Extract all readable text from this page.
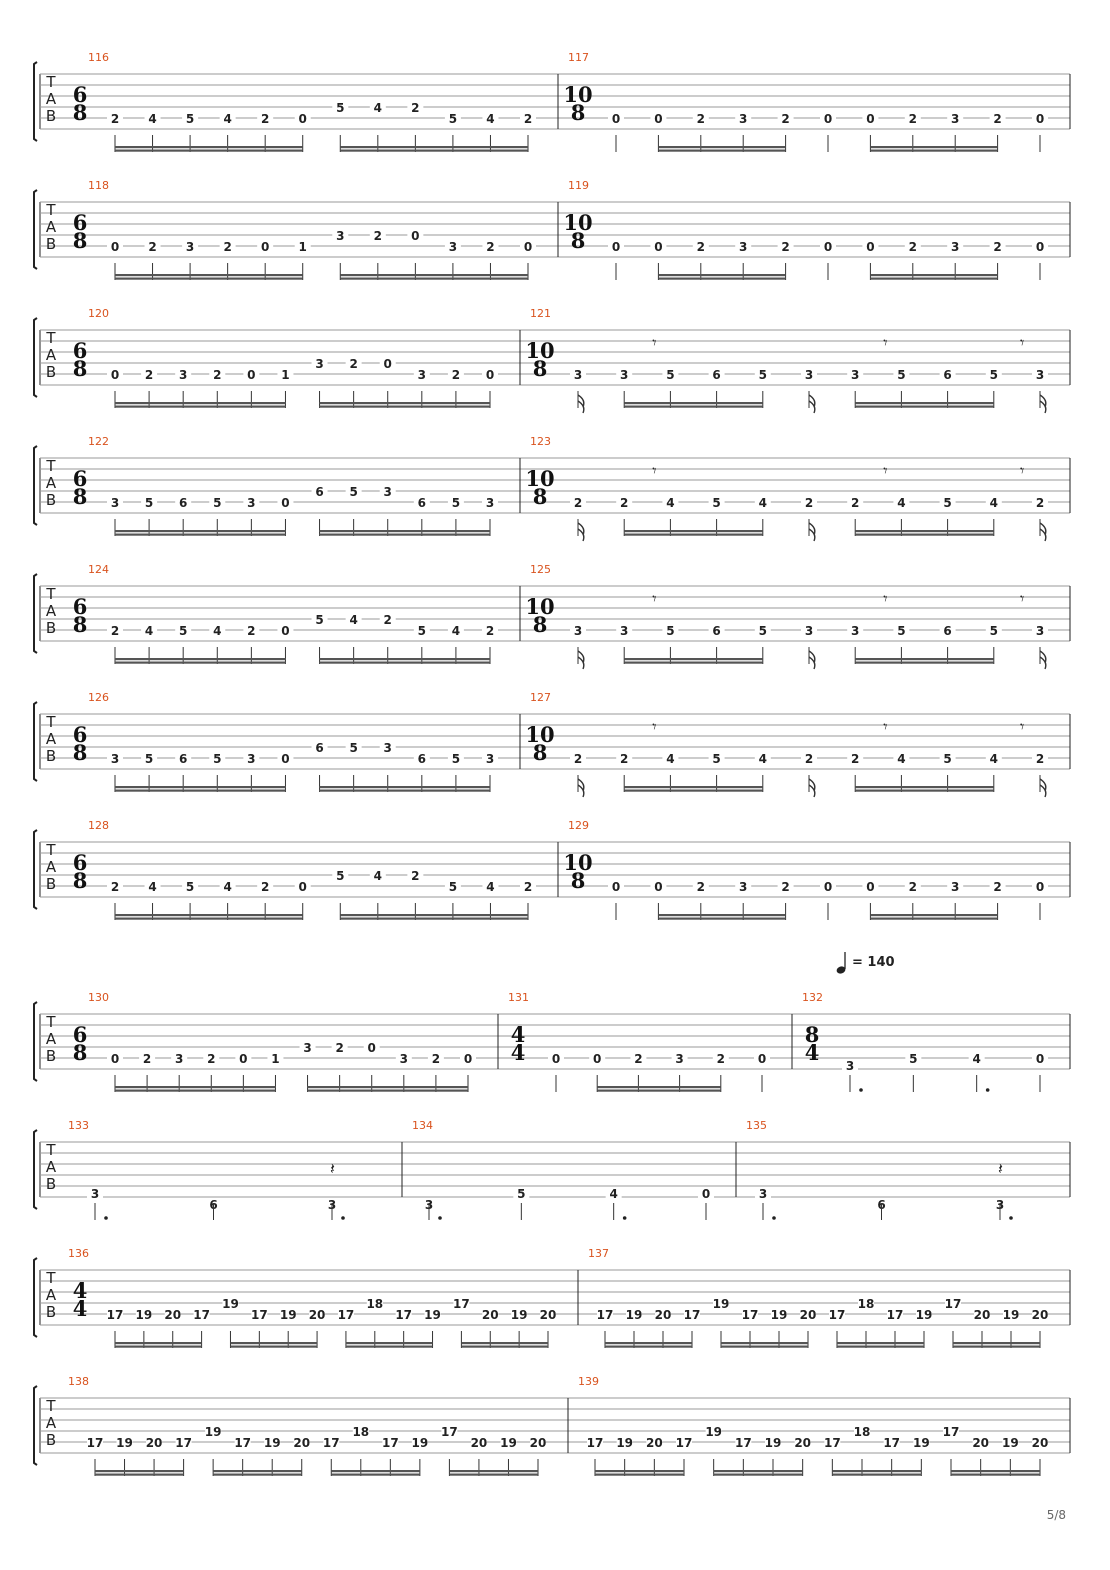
T
A
B
116
6
8 2 4 5 4 2 0
5 4 2
5 4 2
117
10
8 0	0	2	3	2	0	0	2	3	2	0
T
A
B
118
6
8 0 2 3 2 0 1
3 2 0
3 2 0
119
10
8 0	0	2	3	2	0	0	2	3	2	0
T
A
B
120
6
8 0 2 3 2 0 1
3 2 0
3 2 0
121
10
8 3	3	5	6	5	3	3	5	6	5	3
𝄾	𝄾	𝄾
T
A
B
122
6
8 3 5 6 5 3 0
6 5 3
6 5 3
123
10
8 2	2	4	5	4	2	2	4	5	4	2
𝄾	𝄾	𝄾
T
A
B
124
6
8 2 4 5 4 2 0
5 4 2
5 4 2
125
10
8 3	3	5	6	5	3	3	5	6	5	3
𝄾	𝄾	𝄾
T
A
B
126
6
8 3 5 6 5 3 0
6 5 3
6 5 3
127
10
8 2	2	4	5	4	2	2	4	5	4	2
𝄾	𝄾	𝄾
T
A
B
128
6
8 2 4 5 4 2 0
5 4 2
5 4 2
129
10
8 0	0	2	3	2	0	0	2	3	2	0
T
A
B
130
6
8 0 2 3 2 0 1
3 2 0
3 2 0
131
4
4 0	0	2	3	2	0
132
8
4
3	5	4	0
= 140
T
A
B
133
3
6	3
𝄽
134
3
5	4	0
135
3
6	3
𝄽
T
A
B
136
4
4 17 19 20 17
19
17 19 20 17
18
17 19
17
20 19 20
137
17 19 20 17
19
17 19 20 17
18
17 19
17
20 19 20
T
A
B
138
17 19 20 17
19
17 19 20 17
18
17 19
17
20 19 20
139
17 19 20 17
19
17 19 20 17
18
17 19
17
20 19 20
5/8
